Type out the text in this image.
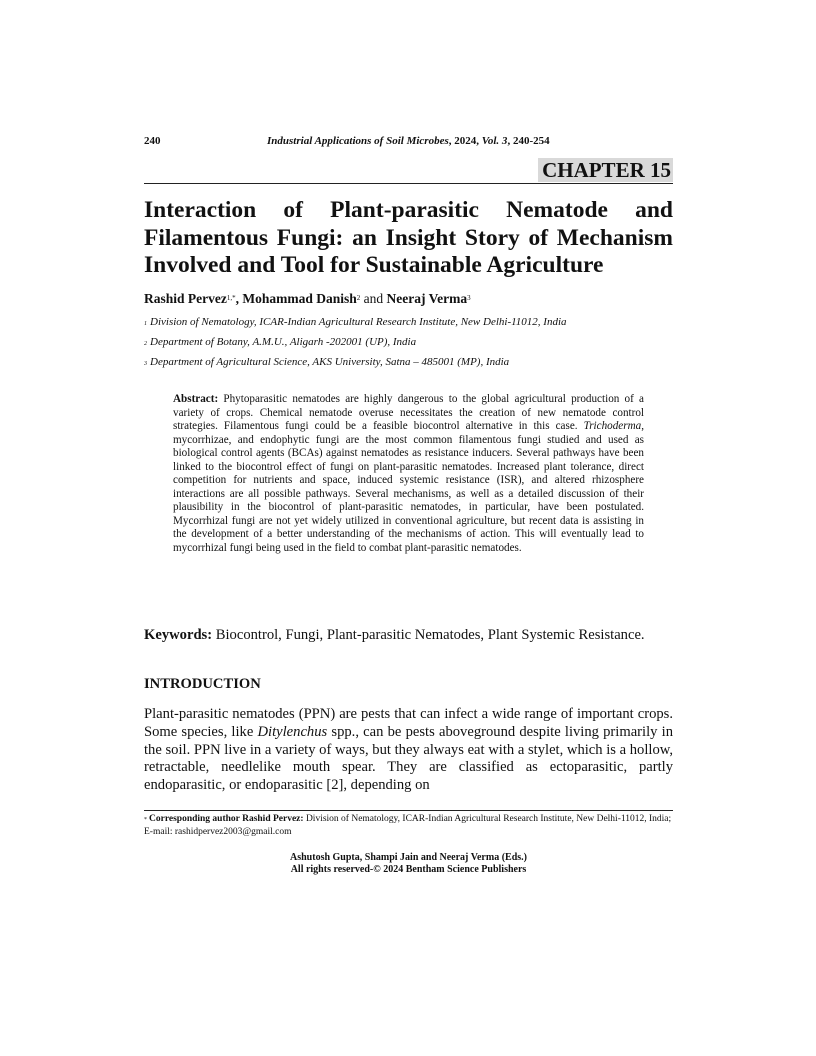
240	Industrial Applications of Soil Microbes, 2024, Vol. 3, 240-254
CHAPTER 15
Interaction of Plant-parasitic Nematode and Filamentous Fungi: an Insight Story of Mechanism Involved and Tool for Sustainable Agriculture
Rashid Pervez$^{1,*}$, Mohammad Danish$^2$ and Neeraj Verma$^3$
$^1$ Division of Nematology, ICAR-Indian Agricultural Research Institute, New Delhi-11012, India
$^2$ Department of Botany, A.M.U., Aligarh -202001 (UP), India
$^3$ Department of Agricultural Science, AKS University, Satna – 485001 (MP), India

Abstract: Phytoparasitic nematodes are highly dangerous to the global agricultural production of a variety of crops. Chemical nematode overuse necessitates the creation of new nematode control strategies. Filamentous fungi could be a feasible biocontrol alternative in this case. Trichoderma, mycorrhizae, and endophytic fungi are the most common filamentous fungi studied and used as biological control agents (BCAs) against nematodes as resistance inducers. Several pathways have been linked to the biocontrol effect of fungi on plant-parasitic nematodes. Increased plant tolerance, direct competition for nutrients and space, induced systemic resistance (ISR), and altered rhizosphere interactions are all possible pathways. Several mechanisms, as well as a detailed discussion of their plausibility in the biocontrol of plant-parasitic nematodes, in particular, have been postulated. Mycorrhizal fungi are not yet widely utilized in conventional agriculture, but recent data is assisting in the development of a better understanding of the mechanisms of action. This will eventually lead to mycorrhizal fungi being used in the field to combat plant-parasitic nematodes.

Keywords: Biocontrol, Fungi, Plant-parasitic Nematodes, Plant Systemic Resistance.

INTRODUCTION

Plant-parasitic nematodes (PPN) are pests that can infect a wide range of important crops. Some species, like Ditylenchus spp., can be pests aboveground despite living primarily in the soil. PPN live in a variety of ways, but they always eat with a stylet, which is a hollow, retractable, needlelike mouth spear. They are classified as ectoparasitic, partly endoparasitic, or endoparasitic [2], depending on

* Corresponding author Rashid Pervez: Division of Nematology, ICAR-Indian Agricultural Research Institute, New Delhi-11012, India; E-mail: rashidpervez2003@gmail.com

Ashutosh Gupta, Shampi Jain and Neeraj Verma (Eds.)
All rights reserved-© 2024 Bentham Science Publishers
